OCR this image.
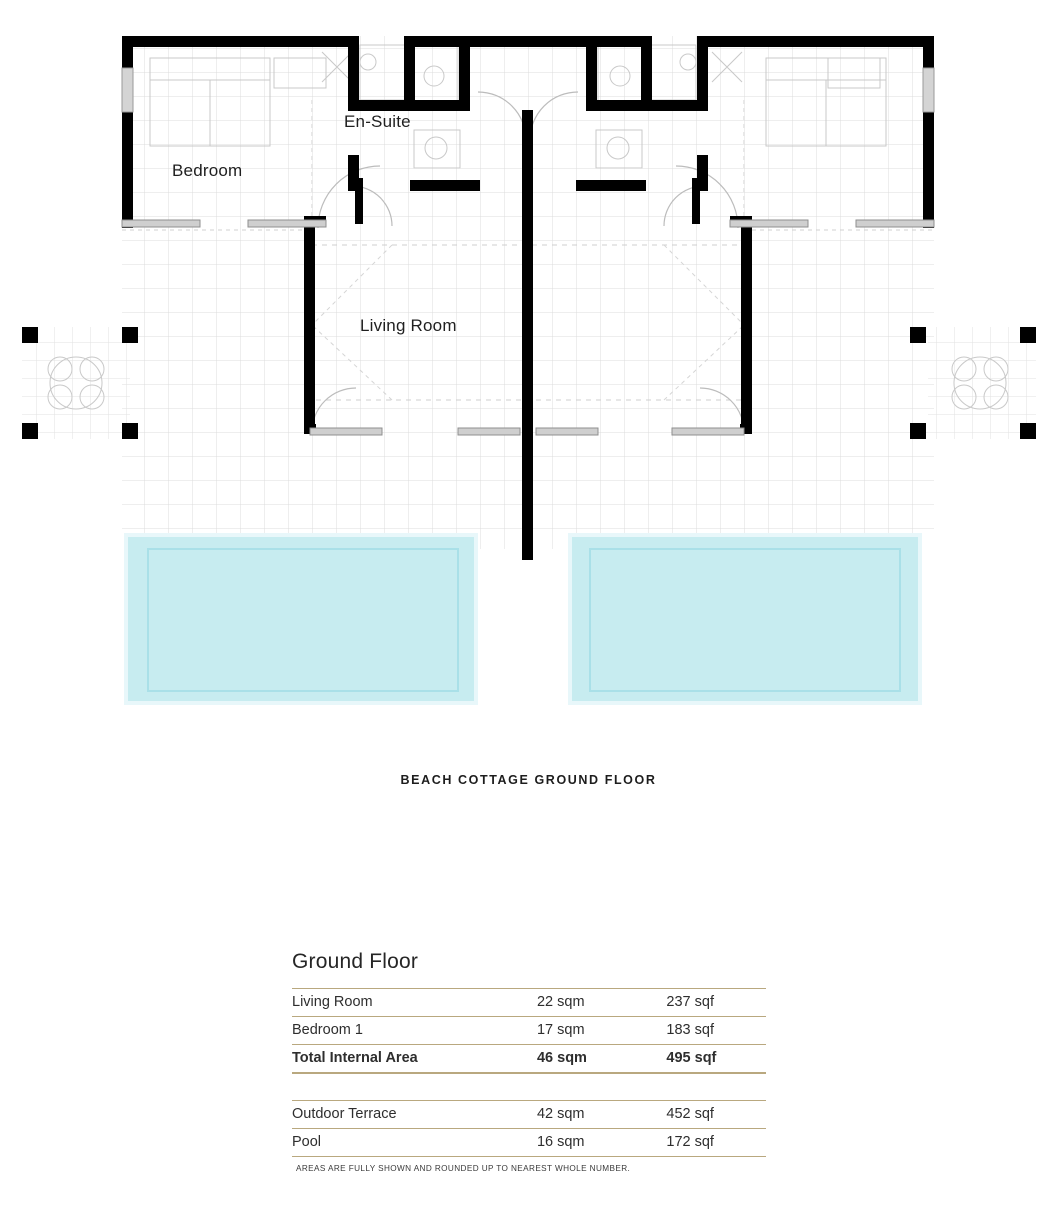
Bedroom
En-Suite
Living Room
BEACH COTTAGE GROUND FLOOR
Ground Floor
Living Room	22 sqm	237 sqf
Bedroom 1	17 sqm	183 sqf
Total Internal Area	46 sqm	495 sqf
Outdoor Terrace	42 sqm	452 sqf
Pool	16 sqm	172 sqf
AREAS ARE FULLY SHOWN AND ROUNDED UP TO NEAREST WHOLE NUMBER.
